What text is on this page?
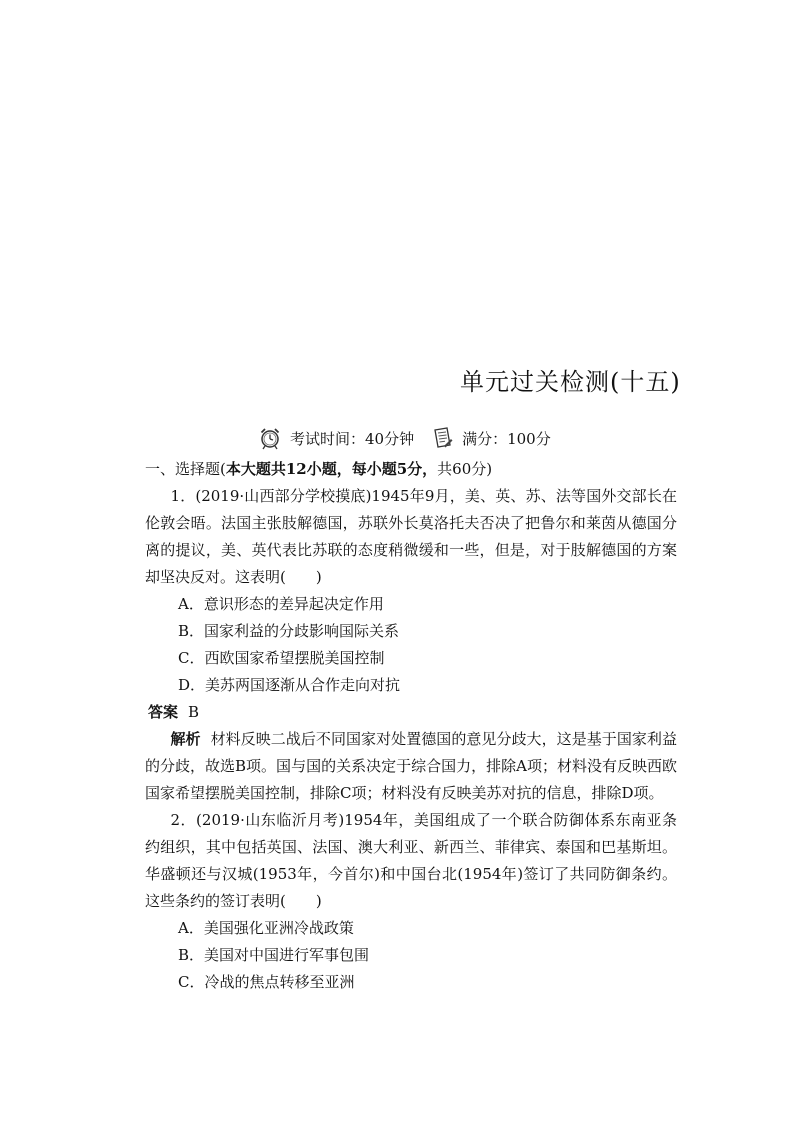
单元过关检测(十五)
考试时间：40分钟	满分：100分

一、选择题(本大题共12小题，每小题5分，共60分)

1．(2019·山西部分学校摸底)1945年9月，美、英、苏、法等国外交部长在伦敦会晤。法国主张肢解德国，苏联外长莫洛托夫否决了把鲁尔和莱茵从德国分离的提议，美、英代表比苏联的态度稍微缓和一些，但是，对于肢解德国的方案却坚决反对。这表明(　　)

A．意识形态的差异起决定作用

B．国家利益的分歧影响国际关系

C．西欧国家希望摆脱美国控制

D．美苏两国逐渐从合作走向对抗

答案 B

解析 材料反映二战后不同国家对处置德国的意见分歧大，这是基于国家利益的分歧，故选B项。国与国的关系决定于综合国力，排除A项；材料没有反映西欧国家希望摆脱美国控制，排除C项；材料没有反映美苏对抗的信息，排除D项。

2．(2019·山东临沂月考)1954年，美国组成了一个联合防御体系东南亚条约组织，其中包括英国、法国、澳大利亚、新西兰、菲律宾、泰国和巴基斯坦。华盛顿还与汉城(1953年，今首尔)和中国台北(1954年)签订了共同防御条约。这些条约的签订表明(　　)

A．美国强化亚洲冷战政策

B．美国对中国进行军事包围

C．冷战的焦点转移至亚洲
